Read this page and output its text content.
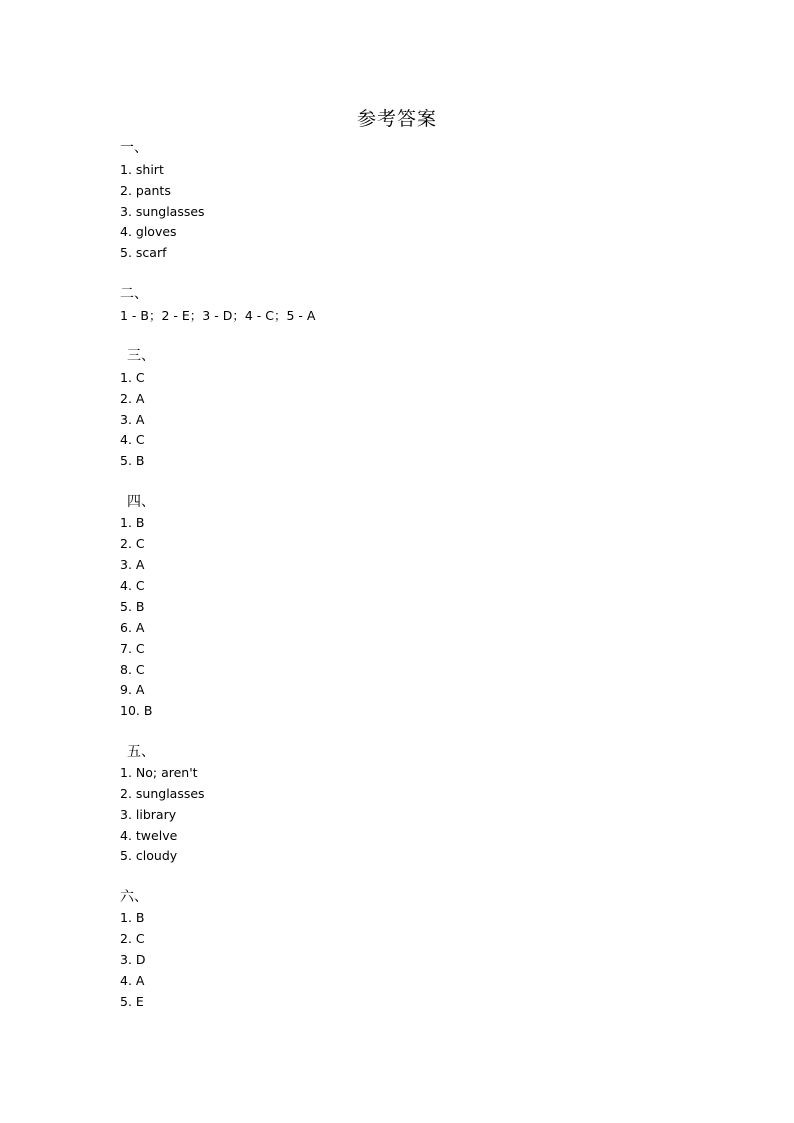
参考答案
一、
1. shirt
2. pants
3. sunglasses
4. gloves
5. scarf
二、
1 - B；2 - E；3 - D；4 - C；5 - A
三、
1. C
2. A
3. A
4. C
5. B
四、
1. B
2. C
3. A
4. C
5. B
6. A
7. C
8. C
9. A
10. B
五、
1. No; aren't
2. sunglasses
3. library
4. twelve
5. cloudy
六、
1. B
2. C
3. D
4. A
5. E
